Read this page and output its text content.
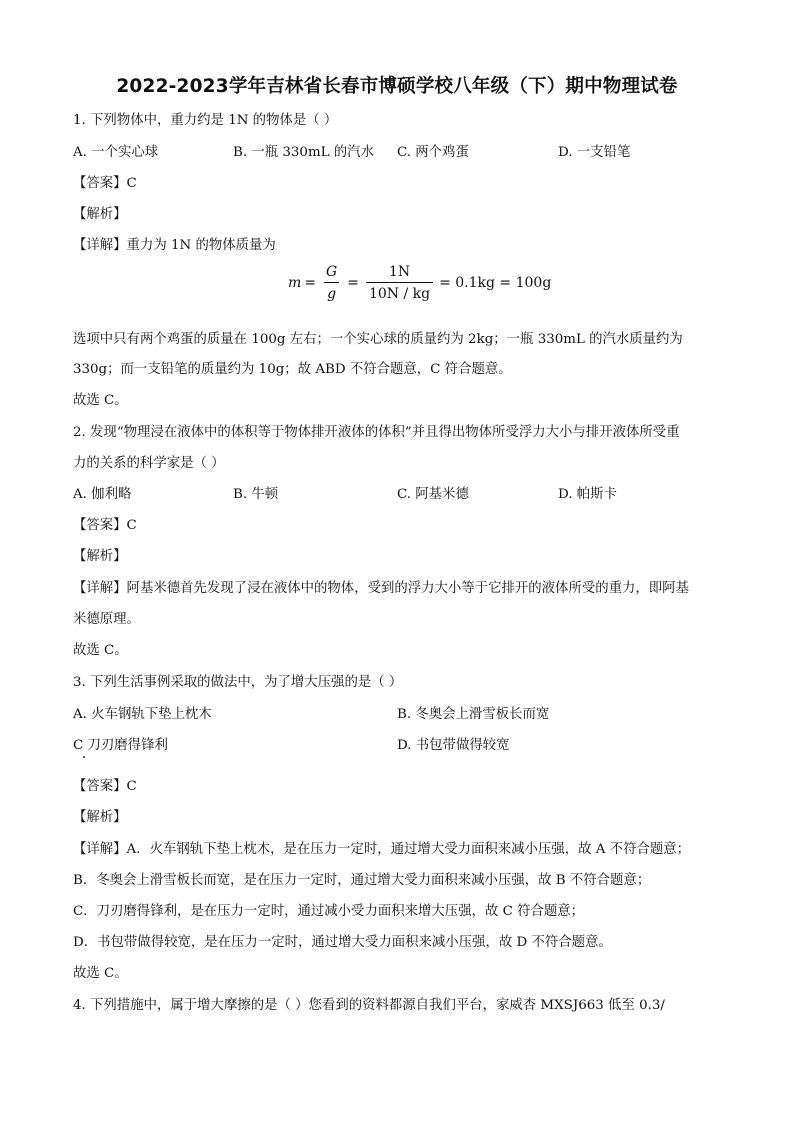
2022-2023学年吉林省长春市博硕学校八年级（下）期中物理试卷
1. 下列物体中，重力约是 1N 的物体是（ ）
A. 一个实心球	B. 一瓶 330mL 的汽水 C. 两个鸡蛋	D. 一支铅笔
【答案】C
【解析】
【详解】重力为 1N 的物体质量为
$m = \frac{G}{g} = \frac{1N}{10N / kg} = 0.1kg = 100g$
选项中只有两个鸡蛋的质量在 100g 左右；一个实心球的质量约为 2kg；一瓶 330mL 的汽水质量约为
330g；而一支铅笔的质量约为 10g；故 ABD 不符合题意，C 符合题意。
故选 C。
2. 发现“物理浸在液体中的体积等于物体排开液体的体积”并且得出物体所受浮力大小与排开液体所受重
力的关系的科学家是（ ）
A. 伽利略	B. 牛顿	C. 阿基米德	D. 帕斯卡
【答案】C
【解析】
【详解】阿基米德首先发现了浸在液体中的物体，受到的浮力大小等于它排开的液体所受的重力，即阿基
米德原理。
故选 C。
3. 下列生活事例采取的做法中，为了增大压强的是（ ）
A. 火车钢轨下垫上枕木	B. 冬奥会上滑雪板长而宽
C 刀刃磨得锋利	D. 书包带做得较宽
【答案】C
【解析】
【详解】A．火车钢轨下垫上枕木，是在压力一定时，通过增大受力面积来减小压强，故 A 不符合题意；
B．冬奥会上滑雪板长而宽，是在压力一定时，通过增大受力面积来减小压强，故 B 不符合题意；
C．刀刃磨得锋利，是在压力一定时，通过减小受力面积来增大压强，故 C 符合题意；
D．书包带做得较宽，是在压力一定时，通过增大受力面积来减小压强，故 D 不符合题意。
故选 C。
4. 下列措施中，属于增大摩擦的是（ ）您看到的资料都源自我们平台，家威杏 MXSJ663 低至 0.3/
